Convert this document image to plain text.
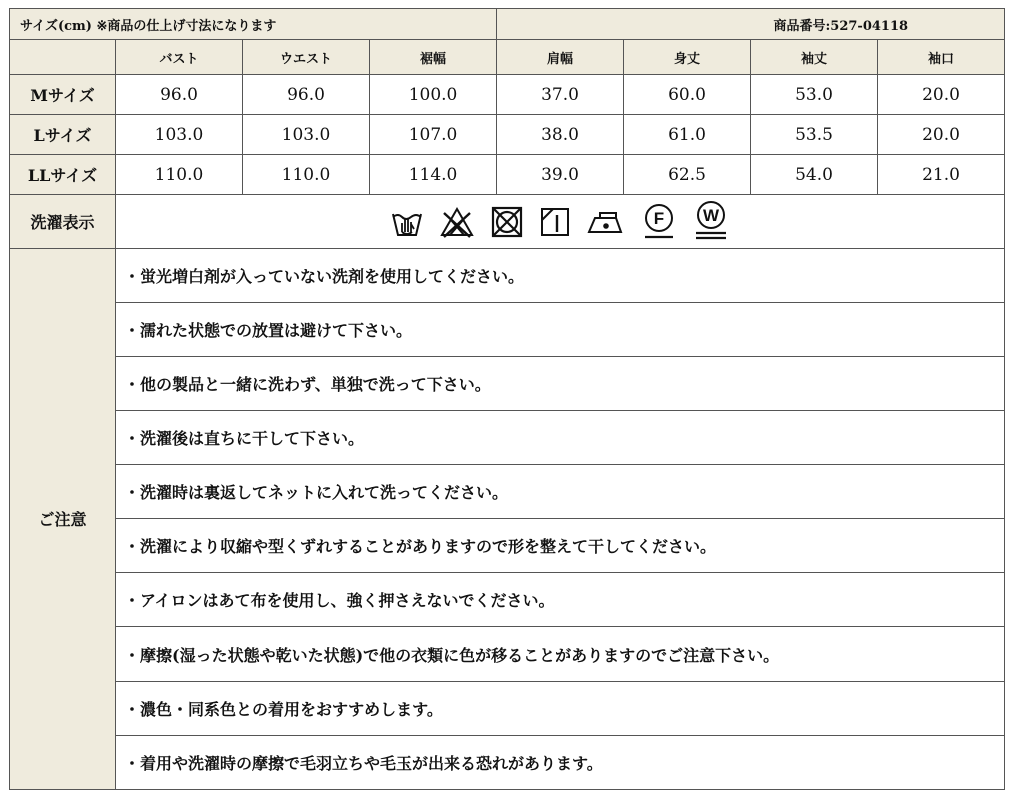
サイズ(cm) ※商品の仕上げ寸法になります				商品番号:527-04118			
	バスト	ウエスト	裾幅	肩幅	身丈	袖丈	袖口
Mサイズ	96.0	96.0	100.0	37.0	60.0	53.0	20.0
Lサイズ	103.0	103.0	107.0	38.0	61.0	53.5	20.0
LLサイズ	110.0	110.0	114.0	39.0	62.5	54.0	21.0
洗濯表示	F W						

ご注意	・蛍光増白剤が入っていない洗剤を使用してください。						
	・濡れた状態での放置は避けて下さい。						
	・他の製品と一緒に洗わず、単独で洗って下さい。						
	・洗濯後は直ちに干して下さい。						
	・洗濯時は裏返してネットに入れて洗ってください。						
	・洗濯により収縮や型くずれすることがありますので形を整えて干してください。						
	・アイロンはあて布を使用し、強く押さえないでください。						
	・摩擦(湿った状態や乾いた状態)で他の衣類に色が移ることがありますのでご注意下さい。						
	・濃色・同系色との着用をおすすめします。						
	・着用や洗濯時の摩擦で毛羽立ちや毛玉が出来る恐れがあります。						
